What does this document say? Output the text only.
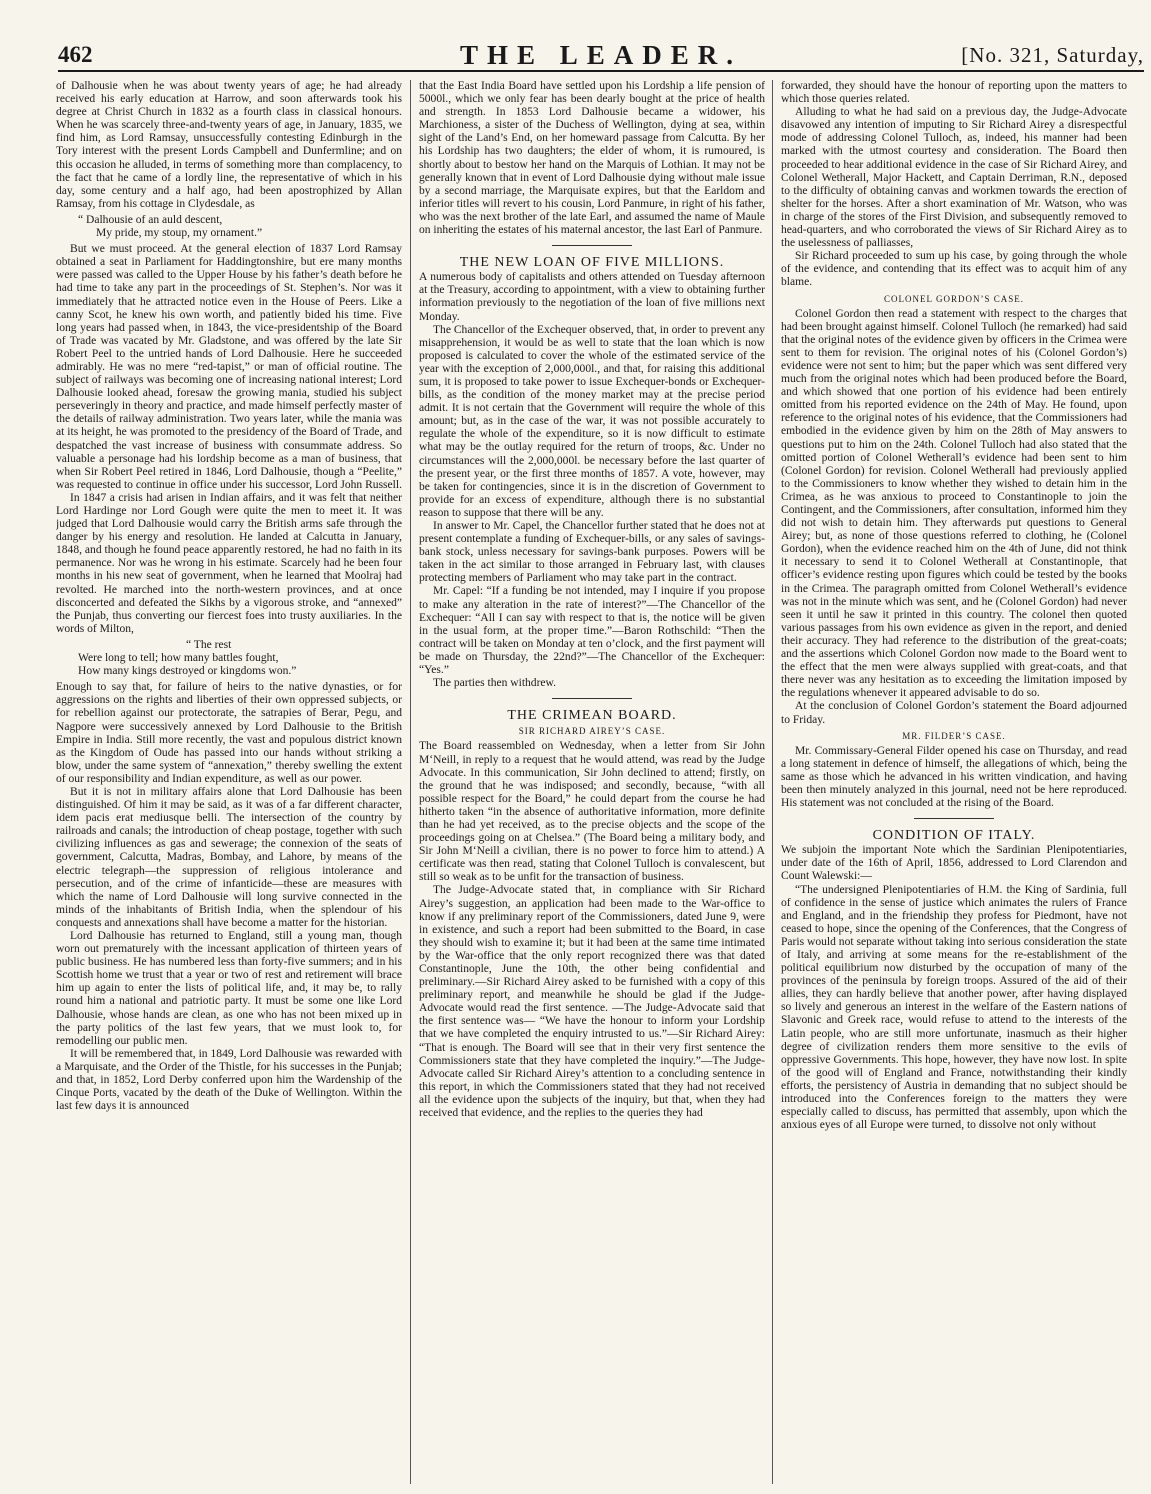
462	THE LEADER.	[No. 321, Saturday,

of Dalhousie when he was about twenty years of age; he had already received his early education at Harrow, and soon afterwards took his degree at Christ Church in 1832 as a fourth class in classical honours. When he was scarcely three-and-twenty years of age, in January, 1835, we find him, as Lord Ramsay, unsuccessfully contesting Edinburgh in the Tory interest with the present Lords Campbell and Dunfermline; and on this occasion he alluded, in terms of something more than complacency, to the fact that he came of a lordly line, the representative of which in his day, some century and a half ago, had been apostrophized by Allan Ramsay, from his cottage in Clydesdale, as

“ Dalhousie of an auld descent,
My pride, my stoup, my ornament.”

But we must proceed. At the general election of 1837 Lord Ramsay obtained a seat in Parliament for Haddingtonshire, but ere many months were passed was called to the Upper House by his father’s death before he had time to take any part in the proceedings of St. Stephen’s. Nor was it immediately that he attracted notice even in the House of Peers. Like a canny Scot, he knew his own worth, and patiently bided his time. Five long years had passed when, in 1843, the vice-presidentship of the Board of Trade was vacated by Mr. Gladstone, and was offered by the late Sir Robert Peel to the untried hands of Lord Dalhousie. Here he succeeded admirably. He was no mere “red-tapist,” or man of official routine. The subject of railways was becoming one of increasing national interest; Lord Dalhousie looked ahead, foresaw the growing mania, studied his subject perseveringly in theory and practice, and made himself perfectly master of the details of railway administration. Two years later, while the mania was at its height, he was promoted to the presidency of the Board of Trade, and despatched the vast increase of business with consummate address. So valuable a personage had his lordship become as a man of business, that when Sir Robert Peel retired in 1846, Lord Dalhousie, though a “Peelite,” was requested to continue in office under his successor, Lord John Russell.

In 1847 a crisis had arisen in Indian affairs, and it was felt that neither Lord Hardinge nor Lord Gough were quite the men to meet it. It was judged that Lord Dalhousie would carry the British arms safe through the danger by his energy and resolution. He landed at Calcutta in January, 1848, and though he found peace apparently restored, he had no faith in its permanence. Nor was he wrong in his estimate. Scarcely had he been four months in his new seat of government, when he learned that Moolraj had revolted. He marched into the north-western provinces, and at once disconcerted and defeated the Sikhs by a vigorous stroke, and “annexed” the Punjab, thus converting our fiercest foes into trusty auxiliaries. In the words of Milton,

“ The rest
Were long to tell; how many battles fought,
How many kings destroyed or kingdoms won.”

Enough to say that, for failure of heirs to the native dynasties, or for aggressions on the rights and liberties of their own oppressed subjects, or for rebellion against our protectorate, the satrapies of Berar, Pegu, and Nagpore were successively annexed by Lord Dalhousie to the British Empire in India. Still more recently, the vast and populous district known as the Kingdom of Oude has passed into our hands without striking a blow, under the same system of “annexation,” thereby swelling the extent of our responsibility and Indian expenditure, as well as our power.

But it is not in military affairs alone that Lord Dalhousie has been distinguished. Of him it may be said, as it was of a far different character, idem pacis erat mediusque belli. The intersection of the country by railroads and canals; the introduction of cheap postage, together with such civilizing influences as gas and sewerage; the connexion of the seats of government, Calcutta, Madras, Bombay, and Lahore, by means of the electric telegraph—the suppression of religious intolerance and persecution, and of the crime of infanticide—these are measures with which the name of Lord Dalhousie will long survive connected in the minds of the inhabitants of British India, when the splendour of his conquests and annexations shall have become a matter for the historian.

Lord Dalhousie has returned to England, still a young man, though worn out prematurely with the incessant application of thirteen years of public business. He has numbered less than forty-five summers; and in his Scottish home we trust that a year or two of rest and retirement will brace him up again to enter the lists of political life, and, it may be, to rally round him a national and patriotic party. It must be some one like Lord Dalhousie, whose hands are clean, as one who has not been mixed up in the party politics of the last few years, that we must look to, for remodelling our public men.

It will be remembered that, in 1849, Lord Dalhousie was rewarded with a Marquisate, and the Order of the Thistle, for his successes in the Punjab; and that, in 1852, Lord Derby conferred upon him the Wardenship of the Cinque Ports, vacated by the death of the Duke of Wellington. Within the last few days it is announced

that the East India Board have settled upon his Lordship a life pension of 5000l., which we only fear has been dearly bought at the price of health and strength. In 1853 Lord Dalhousie became a widower, his Marchioness, a sister of the Duchess of Wellington, dying at sea, within sight of the Land’s End, on her homeward passage from Calcutta. By her his Lordship has two daughters; the elder of whom, it is rumoured, is shortly about to bestow her hand on the Marquis of Lothian. It may not be generally known that in event of Lord Dalhousie dying without male issue by a second marriage, the Marquisate expires, but that the Earldom and inferior titles will revert to his cousin, Lord Panmure, in right of his father, who was the next brother of the late Earl, and assumed the name of Maule on inheriting the estates of his maternal ancestor, the last Earl of Panmure.

THE NEW LOAN OF FIVE MILLIONS.

A numerous body of capitalists and others attended on Tuesday afternoon at the Treasury, according to appointment, with a view to obtaining further information previously to the negotiation of the loan of five millions next Monday.

The Chancellor of the Exchequer observed, that, in order to prevent any misapprehension, it would be as well to state that the loan which is now proposed is calculated to cover the whole of the estimated service of the year with the exception of 2,000,000l., and that, for raising this additional sum, it is proposed to take power to issue Exchequer-bonds or Exchequer-bills, as the condition of the money market may at the precise period admit. It is not certain that the Government will require the whole of this amount; but, as in the case of the war, it was not possible accurately to regulate the whole of the expenditure, so it is now difficult to estimate what may be the outlay required for the return of troops, &c. Under no circumstances will the 2,000,000l. be necessary before the last quarter of the present year, or the first three months of 1857. A vote, however, may be taken for contingencies, since it is in the discretion of Government to provide for an excess of expenditure, although there is no substantial reason to suppose that there will be any.

In answer to Mr. Capel, the Chancellor further stated that he does not at present contemplate a funding of Exchequer-bills, or any sales of savings-bank stock, unless necessary for savings-bank purposes. Powers will be taken in the act similar to those arranged in February last, with clauses protecting members of Parliament who may take part in the contract.

Mr. Capel: “If a funding be not intended, may I inquire if you propose to make any alteration in the rate of interest?”—The Chancellor of the Exchequer: “All I can say with respect to that is, the notice will be given in the usual form, at the proper time.”—Baron Rothschild: “Then the contract will be taken on Monday at ten o’clock, and the first payment will be made on Thursday, the 22nd?”—The Chancellor of the Exchequer: “Yes.”

The parties then withdrew.

THE CRIMEAN BOARD.
SIR RICHARD AIREY’S CASE.

The Board reassembled on Wednesday, when a letter from Sir John M‘Neill, in reply to a request that he would attend, was read by the Judge Advocate. In this communication, Sir John declined to attend; firstly, on the ground that he was indisposed; and secondly, because, “with all possible respect for the Board,” he could depart from the course he had hitherto taken “in the absence of authoritative information, more definite than he had yet received, as to the precise objects and the scope of the proceedings going on at Chelsea.” (The Board being a military body, and Sir John M‘Neill a civilian, there is no power to force him to attend.) A certificate was then read, stating that Colonel Tulloch is convalescent, but still so weak as to be unfit for the transaction of business.

The Judge-Advocate stated that, in compliance with Sir Richard Airey’s suggestion, an application had been made to the War-office to know if any preliminary report of the Commissioners, dated June 9, were in existence, and such a report had been submitted to the Board, in case they should wish to examine it; but it had been at the same time intimated by the War-office that the only report recognized there was that dated Constantinople, June the 10th, the other being confidential and preliminary.—Sir Richard Airey asked to be furnished with a copy of this preliminary report, and meanwhile he should be glad if the Judge-Advocate would read the first sentence. —The Judge-Advocate said that the first sentence was— “We have the honour to inform your Lordship that we have completed the enquiry intrusted to us.”—Sir Richard Airey: “That is enough. The Board will see that in their very first sentence the Commissioners state that they have completed the inquiry.”—The Judge-Advocate called Sir Richard Airey’s attention to a concluding sentence in this report, in which the Commissioners stated that they had not received all the evidence upon the subjects of the inquiry, but that, when they had received that evidence, and the replies to the queries they had

forwarded, they should have the honour of reporting upon the matters to which those queries related.

Alluding to what he had said on a previous day, the Judge-Advocate disavowed any intention of imputing to Sir Richard Airey a disrespectful mode of addressing Colonel Tulloch, as, indeed, his manner had been marked with the utmost courtesy and consideration. The Board then proceeded to hear additional evidence in the case of Sir Richard Airey, and Colonel Wetherall, Major Hackett, and Captain Derriman, R.N., deposed to the difficulty of obtaining canvas and workmen towards the erection of shelter for the horses. After a short examination of Mr. Watson, who was in charge of the stores of the First Division, and subsequently removed to head-quarters, and who corroborated the views of Sir Richard Airey as to the uselessness of palliasses,

Sir Richard proceeded to sum up his case, by going through the whole of the evidence, and contending that its effect was to acquit him of any blame.

COLONEL GORDON’S CASE.

Colonel Gordon then read a statement with respect to the charges that had been brought against himself. Colonel Tulloch (he remarked) had said that the original notes of the evidence given by officers in the Crimea were sent to them for revision. The original notes of his (Colonel Gordon’s) evidence were not sent to him; but the paper which was sent differed very much from the original notes which had been produced before the Board, and which showed that one portion of his evidence had been entirely omitted from his reported evidence on the 24th of May. He found, upon reference to the original notes of his evidence, that the Commissioners had embodied in the evidence given by him on the 28th of May answers to questions put to him on the 24th. Colonel Tulloch had also stated that the omitted portion of Colonel Wetherall’s evidence had been sent to him (Colonel Gordon) for revision. Colonel Wetherall had previously applied to the Commissioners to know whether they wished to detain him in the Crimea, as he was anxious to proceed to Constantinople to join the Contingent, and the Commissioners, after consultation, informed him they did not wish to detain him. They afterwards put questions to General Airey; but, as none of those questions referred to clothing, he (Colonel Gordon), when the evidence reached him on the 4th of June, did not think it necessary to send it to Colonel Wetherall at Constantinople, that officer’s evidence resting upon figures which could be tested by the books in the Crimea. The paragraph omitted from Colonel Wetherall’s evidence was not in the minute which was sent, and he (Colonel Gordon) had never seen it until he saw it printed in this country. The colonel then quoted various passages from his own evidence as given in the report, and denied their accuracy. They had reference to the distribution of the great-coats; and the assertions which Colonel Gordon now made to the Board went to the effect that the men were always supplied with great-coats, and that there never was any hesitation as to exceeding the limitation imposed by the regulations whenever it appeared advisable to do so.

At the conclusion of Colonel Gordon’s statement the Board adjourned to Friday.

MR. FILDER’S CASE.

Mr. Commissary-General Filder opened his case on Thursday, and read a long statement in defence of himself, the allegations of which, being the same as those which he advanced in his written vindication, and having been then minutely analyzed in this journal, need not be here reproduced. His statement was not concluded at the rising of the Board.

CONDITION OF ITALY.

We subjoin the important Note which the Sardinian Plenipotentiaries, under date of the 16th of April, 1856, addressed to Lord Clarendon and Count Walewski:—

“The undersigned Plenipotentiaries of H.M. the King of Sardinia, full of confidence in the sense of justice which animates the rulers of France and England, and in the friendship they profess for Piedmont, have not ceased to hope, since the opening of the Conferences, that the Congress of Paris would not separate without taking into serious consideration the state of Italy, and arriving at some means for the re-establishment of the political equilibrium now disturbed by the occupation of many of the provinces of the peninsula by foreign troops. Assured of the aid of their allies, they can hardly believe that another power, after having displayed so lively and generous an interest in the welfare of the Eastern nations of Slavonic and Greek race, would refuse to attend to the interests of the Latin people, who are still more unfortunate, inasmuch as their higher degree of civilization renders them more sensitive to the evils of oppressive Governments. This hope, however, they have now lost. In spite of the good will of England and France, notwithstanding their kindly efforts, the persistency of Austria in demanding that no subject should be introduced into the Conferences foreign to the matters they were especially called to discuss, has permitted that assembly, upon which the anxious eyes of all Europe were turned, to dissolve not only without
